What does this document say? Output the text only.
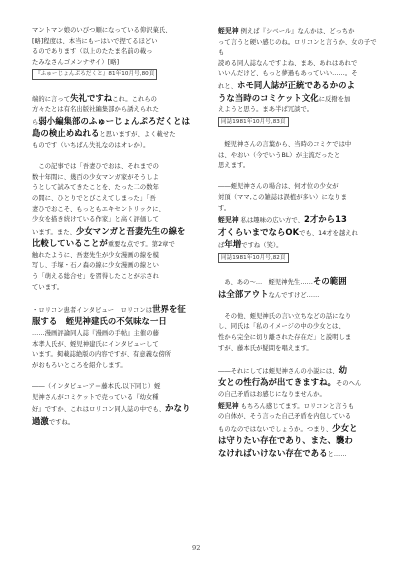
マントマン娘のいびつ順になっている仰沢菓氏、
[略]程度は、本当にもーはいで捏てるほどい
るのであります（以上のたたま名前の載っ
たみなさんゴメンナサイ）[略]

『ふゅーじょんぷろだくと』81年10月号,80頁

端的に言って失礼ですねこれ。これらの
方々たとは有名出版社編集部から誘えられた
ら弱小編集部のふゅーじょんぷろだくとは
島の検止めぬれると思いますが、よく載せた
ものです（いちばん失礼なのはオレか）。

　この記事では「吾妻ひでおは、それまでの
数十年間に、幾百の少女マンガ家がそうしよ
うとして試みてきたことを、たった二の数年
の間に、ひとりでとびこえてしまった」「吾
妻ひでおこそ、もっともエキセントリックに、
少女を描き続けている作家」と高く評価して
います。また、少女マンガと吾妻先生の線を
比較していることが重要な点です。第2章で
触れたように、吾妻先生が少女漫画の線を模
写し、手塚・石ノ森の線に少女漫画の線とい
う「萌える総合せ」を習得したことが示され
ています。

・ロリコン患者インタビュー　ロリコンは世界を征服する　蛭児神建氏の不気味な一日
……漫画評論同人誌『漫画の手帖』主催の藤
本孝人氏が、蛭児神建氏にインタビューして
います。掲載誌絶版の内容ですが、有意義な傍所
がおもろいところを紹介します。

――（インタビューア＝藤本氏,以下同じ）蛭
児神さんがコミケットで売っている『幼女種
好』ですか、これはロリコン同人誌の中でも、かなり過激ですね。

蛭児神 例えば『シベール』なんかは、どっちか
って言うと硬い感じのね。ロリコンと言うか、女の子でも
読める同人誌なんですよね、まあ、あれはあれで
いいんだけど、もっと夢過もあっていい……。そ
れと、ホモ同人誌が正統であるかのよ
うな当時のコミケット文化に反撥を加
えようと思う。まあ半ば冗談で。

同誌1981年10月号,83頁

　蛭児神さんの言葉から、当時のコミケでは中
は、やおい（今でいうBL）が主流だったと
思えます。

――蛭児神さんの場合は、何才位の少女が
対頂（ママ,この雑誌は誤植が多い）になりま
す。

蛭児神 私は趣味の広い方で、2才から13
才くらいまでならOKでも、14才を越えれ
ば年増ですね（笑）。

同誌1981年10月号,82頁

　あ、あの～…　蛭児神先生……その範囲
は全部アウトなんですけど……

　その他、蛭児神氏の言い立ちなどの話になり
し、同氏は「私のイメージの中の少女とは、
性から完全に切り離された存在だ」と説明しま
すが、藤本氏が疑問を唱えます。

――それにしては蛭児神さんの小説には、幼
女との性行為が出てきますね。そのへん
の自己矛盾はお感じになりませんか。

蛭児神 もちろん感じてます。ロリコンと言うも
の自体が、そう言った自己矛盾を内包している
ものなのではないでしょうか。つまり、少女と
は守りたい存在であり、また、襲わ
なければいけない存在であると……

92
